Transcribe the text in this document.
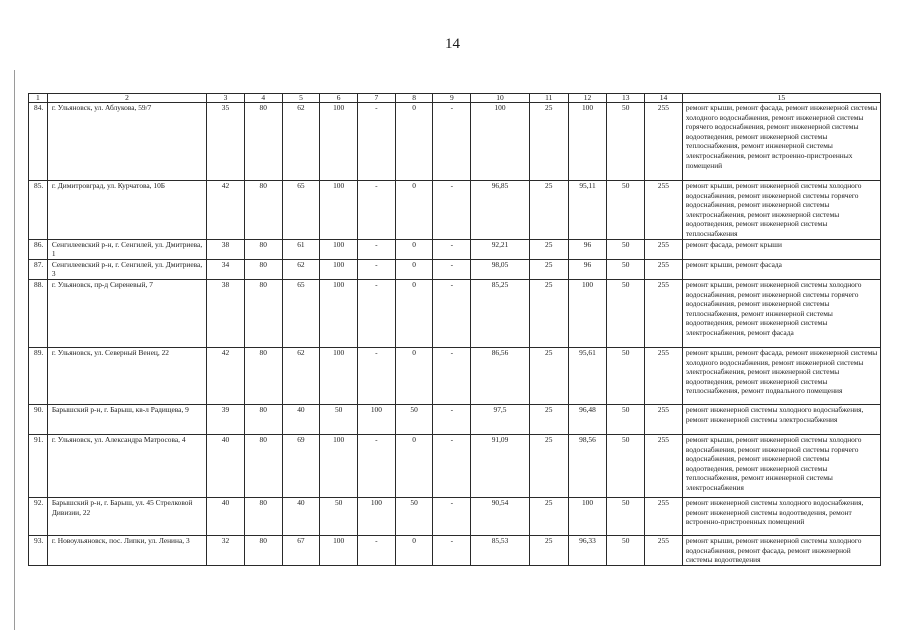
14
1	2	3	4	5	6	7	8	9	10	11	12	13	14	15
84.	г. Ульяновск, ул. Аблукова, 59/7	35	80	62	100	-	0	-	100	25	100	50	255	ремонт крыши, ремонт фасада, ремонт инженерной системы холодного водоснабжения, ремонт инженерной системы горячего водоснабжения, ремонт инженерной системы водоотведения, ремонт инженерной системы теплоснабжения, ремонт инженерной системы электроснабжения, ремонт встроенно-пристроенных помещений
85.	г. Димитровград, ул. Курчатова, 10Б	42	80	65	100	-	0	-	96,85	25	95,11	50	255	ремонт крыши, ремонт инженерной системы холодного водоснабжения, ремонт инженерной системы горячего водоснабжения, ремонт инженерной системы электроснабжения, ремонт инженерной системы водоотведения, ремонт инженерной системы теплоснабжения
86.	Сенгилеевский р-н, г. Сенгилей, ул. Дмитриева, 1	38	80	61	100	-	0	-	92,21	25	96	50	255	ремонт фасада, ремонт крыши
87.	Сенгилеевский р-н, г. Сенгилей, ул. Дмитриева, 3	34	80	62	100	-	0	-	98,05	25	96	50	255	ремонт крыши, ремонт фасада
88.	г. Ульяновск, пр-д Сиреневый, 7	38	80	65	100	-	0	-	85,25	25	100	50	255	ремонт крыши, ремонт инженерной системы холодного водоснабжения, ремонт инженерной системы горячего водоснабжения, ремонт инженерной системы теплоснабжения, ремонт инженерной системы водоотведения, ремонт инженерной системы электроснабжения, ремонт фасада
89.	г. Ульяновск, ул. Северный Венец, 22	42	80	62	100	-	0	-	86,56	25	95,61	50	255	ремонт крыши, ремонт фасада, ремонт инженерной системы холодного водоснабжения, ремонт инженерной системы электроснабжения, ремонт инженерной системы водоотведения, ремонт инженерной системы теплоснабжения, ремонт подвального помещения
90.	Барышский р-н, г. Барыш, кв-л Радищева, 9	39	80	40	50	100	50	-	97,5	25	96,48	50	255	ремонт инженерной системы холодного водоснабжения, ремонт инженерной системы электроснабжения
91.	г. Ульяновск, ул. Александра Матросова, 4	40	80	69	100	-	0	-	91,09	25	98,56	50	255	ремонт крыши, ремонт инженерной системы холодного водоснабжения, ремонт инженерной системы горячего водоснабжения, ремонт инженерной системы водоотведения, ремонт инженерной системы теплоснабжения, ремонт инженерной системы электроснабжения
92.	Барышский р-н, г. Барыш, ул. 45 Стрелковой Дивизии, 22	40	80	40	50	100	50	-	90,54	25	100	50	255	ремонт инженерной системы холодного водоснабжения, ремонт инженерной системы водоотведения, ремонт встроенно-пристроенных помещений
93.	г. Новоульяновск, пос. Липки, ул. Ленина, 3	32	80	67	100	-	0	-	85,53	25	96,33	50	255	ремонт крыши, ремонт инженерной системы холодного водоснабжения, ремонт фасада, ремонт инженерной системы водоотведения
